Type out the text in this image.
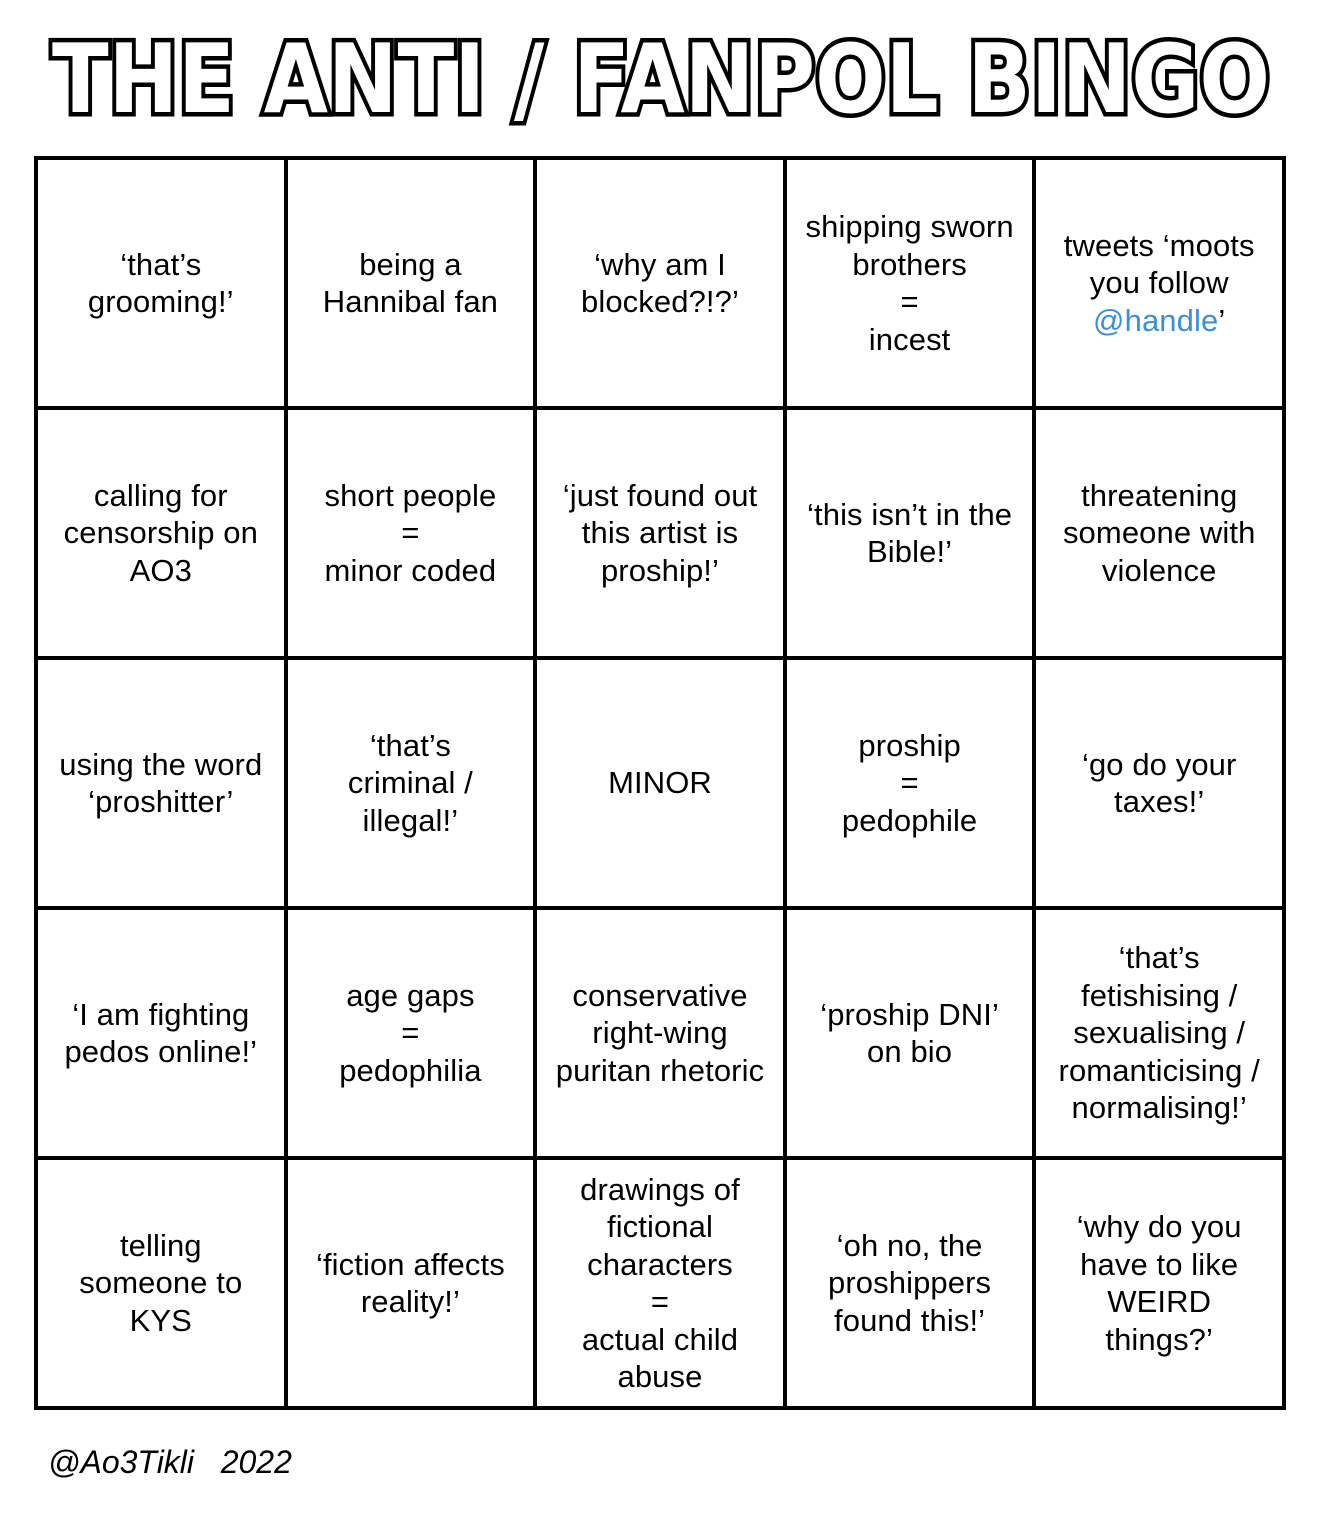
THE ANTI / FANPOL BINGO
‘that’s
grooming!’
being a
Hannibal fan
‘why am I
blocked?!?’
shipping sworn
brothers
=
incest
tweets ‘moots
you follow
@handle’
calling for
censorship on
AO3
short people
=
minor coded
‘just found out
this artist is
proship!’
‘this isn’t in the
Bible!’
threatening
someone with
violence
using the word
‘proshitter’
‘that’s
criminal /
illegal!’
MINOR
proship
=
pedophile
‘go do your
taxes!’
‘I am fighting
pedos online!’
age gaps
=
pedophilia
conservative
right-wing
puritan rhetoric
‘proship DNI’
on bio
‘that’s
fetishising /
sexualising /
romanticising /
normalising!’
telling
someone to
KYS
‘fiction affects
reality!’
drawings of
fictional
characters
=
actual child
abuse
‘oh no, the
proshippers
found this!’
‘why do you
have to like
WEIRD
things?’
@Ao3Tikli   2022
